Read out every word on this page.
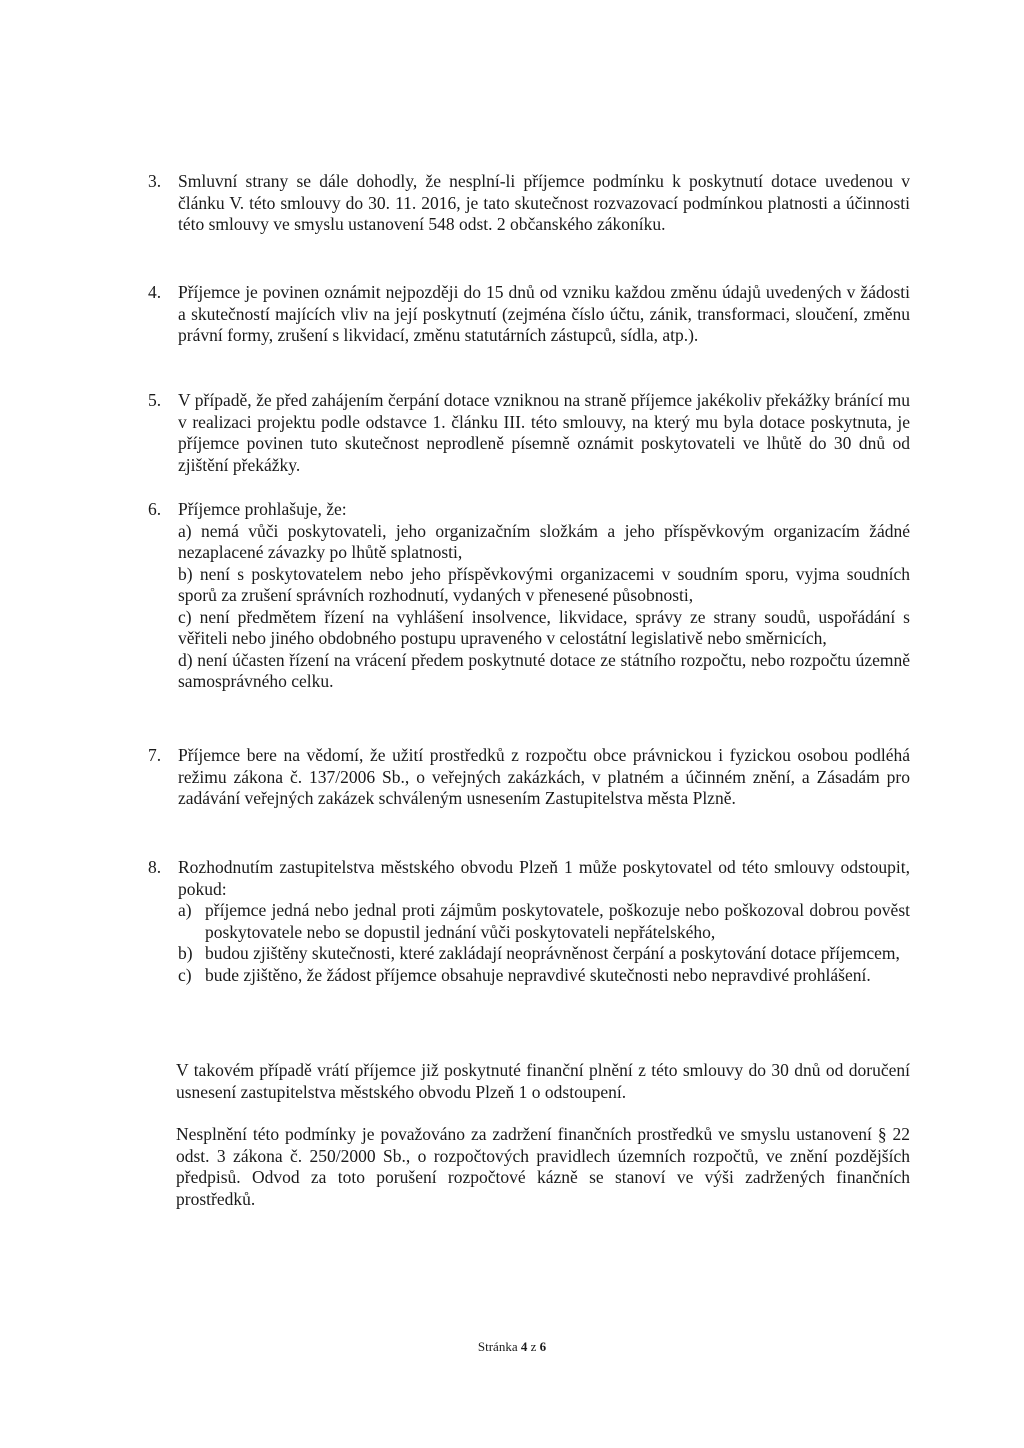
3. Smluvní strany se dále dohodly, že nesplní-li příjemce podmínku k poskytnutí dotace uvedenou v článku V. této smlouvy do 30. 11. 2016, je tato skutečnost rozvazovací podmínkou platnosti a účinnosti této smlouvy ve smyslu ustanovení 548 odst. 2 občanského zákoníku.

4. Příjemce je povinen oznámit nejpozději do 15 dnů od vzniku každou změnu údajů uvedených v žádosti a skutečností majících vliv na její poskytnutí (zejména číslo účtu, zánik, transformaci, sloučení, změnu právní formy, zrušení s likvidací, změnu statutárních zástupců, sídla, atp.).

5. V případě, že před zahájením čerpání dotace vzniknou na straně příjemce jakékoliv překážky bránící mu v realizaci projektu podle odstavce 1. článku III. této smlouvy, na který mu byla dotace poskytnuta, je příjemce povinen tuto skutečnost neprodleně písemně oznámit poskytovateli ve lhůtě do 30 dnů od zjištění překážky.

6. Příjemce prohlašuje, že:

a) nemá vůči poskytovateli, jeho organizačním složkám a jeho příspěvkovým organizacím žádné nezaplacené závazky po lhůtě splatnosti,

b) není s poskytovatelem nebo jeho příspěvkovými organizacemi v soudním sporu, vyjma soudních sporů za zrušení správních rozhodnutí, vydaných v přenesené působnosti,

c) není předmětem řízení na vyhlášení insolvence, likvidace, správy ze strany soudů, uspořádání s věřiteli nebo jiného obdobného postupu upraveného v celostátní legislativě nebo směrnicích,

d) není účasten řízení na vrácení předem poskytnuté dotace ze státního rozpočtu, nebo rozpočtu územně samosprávného celku.

7. Příjemce bere na vědomí, že užití prostředků z rozpočtu obce právnickou i fyzickou osobou podléhá režimu zákona č. 137/2006 Sb., o veřejných zakázkách, v platném a účinném znění, a Zásadám pro zadávání veřejných zakázek schváleným usnesením Zastupitelstva města Plzně.

8. Rozhodnutím zastupitelstva městského obvodu Plzeň 1 může poskytovatel od této smlouvy odstoupit, pokud:

a) příjemce jedná nebo jednal proti zájmům poskytovatele, poškozuje nebo poškozoval dobrou pověst poskytovatele nebo se dopustil jednání vůči poskytovateli nepřátelského,
b) budou zjištěny skutečnosti, které zakládají neoprávněnost čerpání a poskytování dotace příjemcem,
c) bude zjištěno, že žádost příjemce obsahuje nepravdivé skutečnosti nebo nepravdivé prohlášení.

V takovém případě vrátí příjemce již poskytnuté finanční plnění z této smlouvy do 30 dnů od doručení usnesení zastupitelstva městského obvodu Plzeň 1 o odstoupení.

Nesplnění této podmínky je považováno za zadržení finančních prostředků ve smyslu ustanovení § 22 odst. 3 zákona č. 250/2000 Sb., o rozpočtových pravidlech územních rozpočtů, ve znění pozdějších předpisů. Odvod za toto porušení rozpočtové kázně se stanoví ve výši zadržených finančních prostředků.

Stránka 4 z 6
